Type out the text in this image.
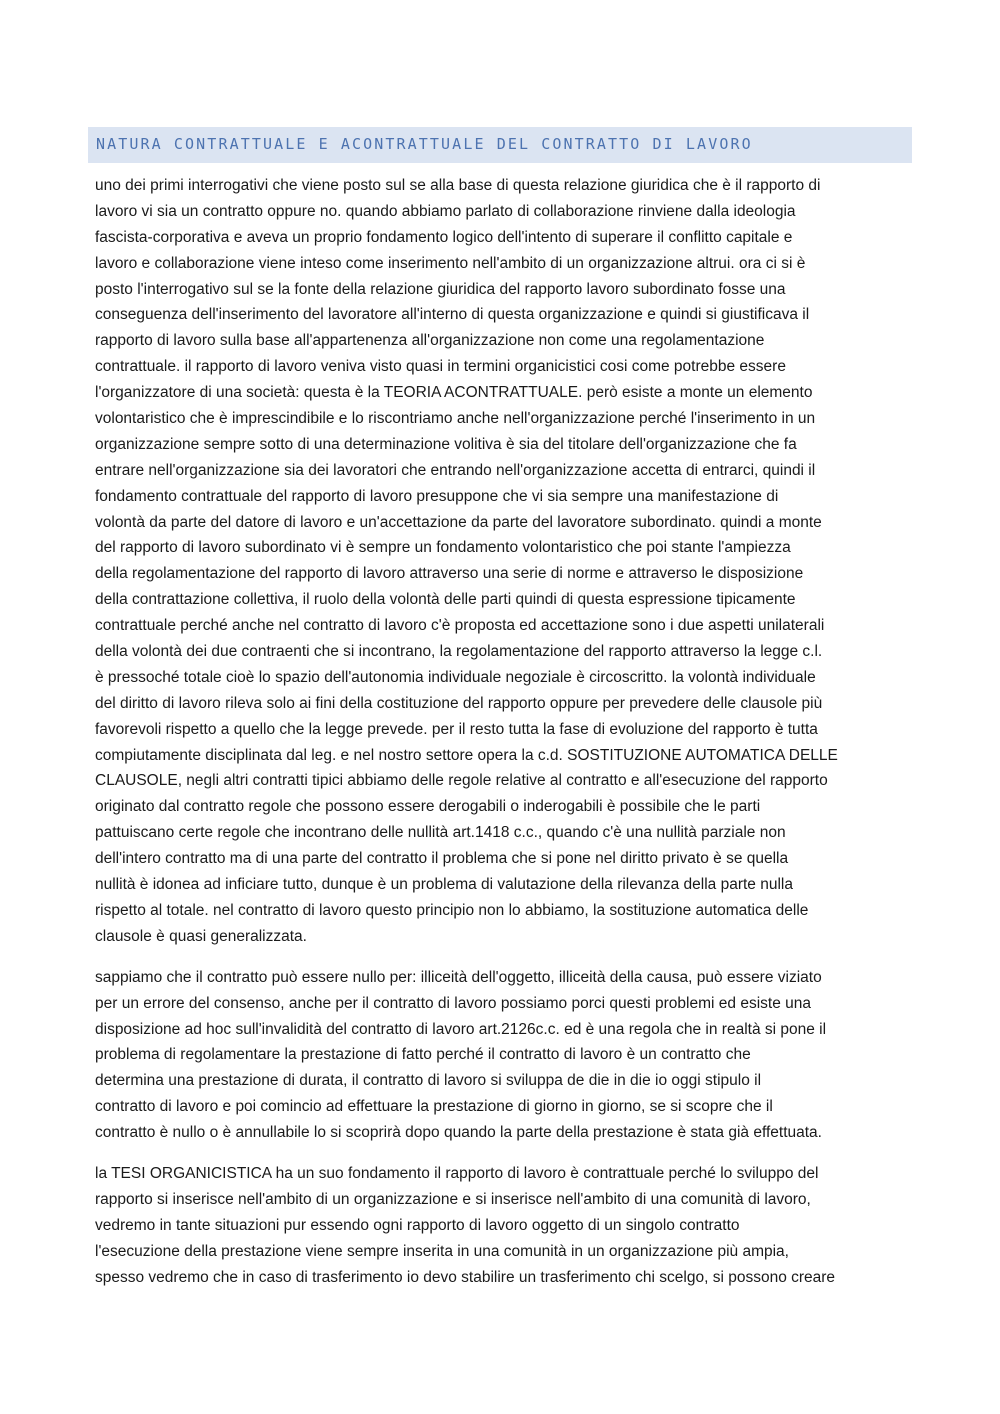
NATURA CONTRATTUALE E ACONTRATTUALE DEL CONTRATTO DI LAVORO
uno dei primi interrogativi che viene posto sul se alla base di questa relazione giuridica che è il rapporto di
lavoro vi sia un contratto oppure no. quando abbiamo parlato di collaborazione rinviene dalla ideologia
fascista-corporativa e aveva un proprio fondamento logico dell'intento di superare il conflitto capitale e
lavoro e collaborazione viene inteso come inserimento nell'ambito di un organizzazione altrui. ora ci si è
posto l'interrogativo sul se la fonte della relazione giuridica del rapporto lavoro subordinato fosse una
conseguenza dell'inserimento del lavoratore all'interno di questa organizzazione e quindi si giustificava il
rapporto di lavoro sulla base all'appartenenza all'organizzazione non come una regolamentazione
contrattuale. il rapporto di lavoro veniva visto quasi in termini organicistici cosi come potrebbe essere
l'organizzatore di una società: questa è la TEORIA ACONTRATTUALE. però esiste a monte un elemento
volontaristico che è imprescindibile e lo riscontriamo anche nell'organizzazione perché l'inserimento in un
organizzazione sempre sotto di una determinazione volitiva è sia del titolare dell'organizzazione che fa
entrare nell'organizzazione sia dei lavoratori che entrando nell'organizzazione accetta di entrarci, quindi il
fondamento contrattuale del rapporto di lavoro presuppone che vi sia sempre una manifestazione di
volontà da parte del datore di lavoro e un'accettazione da parte del lavoratore subordinato. quindi a monte
del rapporto di lavoro subordinato vi è sempre un fondamento volontaristico che poi stante l'ampiezza
della regolamentazione del rapporto di lavoro attraverso una serie di norme e attraverso le disposizione
della contrattazione collettiva, il ruolo della volontà delle parti quindi di questa espressione tipicamente
contrattuale perché anche nel contratto di lavoro c'è proposta ed accettazione sono i due aspetti unilaterali
della volontà dei due contraenti che si incontrano, la regolamentazione del rapporto attraverso la legge c.l.
è pressoché totale cioè lo spazio dell'autonomia individuale negoziale è circoscritto. la volontà individuale
del diritto di lavoro rileva solo ai fini della costituzione del rapporto oppure per prevedere delle clausole più
favorevoli rispetto a quello che la legge prevede. per il resto tutta la fase di evoluzione del rapporto è tutta
compiutamente disciplinata dal leg. e nel nostro settore opera la c.d. SOSTITUZIONE AUTOMATICA DELLE
CLAUSOLE, negli altri contratti tipici abbiamo delle regole relative al contratto e all'esecuzione del rapporto
originato dal contratto regole che possono essere derogabili o inderogabili è possibile che le parti
pattuiscano certe regole che incontrano delle nullità art.1418 c.c., quando c'è una nullità parziale non
dell'intero contratto ma di una parte del contratto il problema che si pone nel diritto privato è se quella
nullità è idonea ad inficiare tutto, dunque è un problema di valutazione della rilevanza della parte nulla
rispetto al totale. nel contratto di lavoro questo principio non lo abbiamo, la sostituzione automatica delle
clausole è quasi generalizzata.
sappiamo che il contratto può essere nullo per: illiceità dell'oggetto, illiceità della causa, può essere viziato
per un errore del consenso, anche per il contratto di lavoro possiamo porci questi problemi ed esiste una
disposizione ad hoc sull'invalidità del contratto di lavoro art.2126c.c. ed è una regola che in realtà si pone il
problema di regolamentare la prestazione di fatto perché il contratto di lavoro è un contratto che
determina una prestazione di durata, il contratto di lavoro si sviluppa de die in die io oggi stipulo il
contratto di lavoro e poi comincio ad effettuare la prestazione di giorno in giorno, se si scopre che il
contratto è nullo o è annullabile lo si scoprirà dopo quando la parte della prestazione è stata già effettuata.
la TESI ORGANICISTICA ha un suo fondamento il rapporto di lavoro è contrattuale perché lo sviluppo del
rapporto si inserisce nell'ambito di un organizzazione e si inserisce nell'ambito di una comunità di lavoro,
vedremo in tante situazioni pur essendo ogni rapporto di lavoro oggetto di un singolo contratto
l'esecuzione della prestazione viene sempre inserita in una comunità in un organizzazione più ampia,
spesso vedremo che in caso di trasferimento io devo stabilire un trasferimento chi scelgo, si possono creare
